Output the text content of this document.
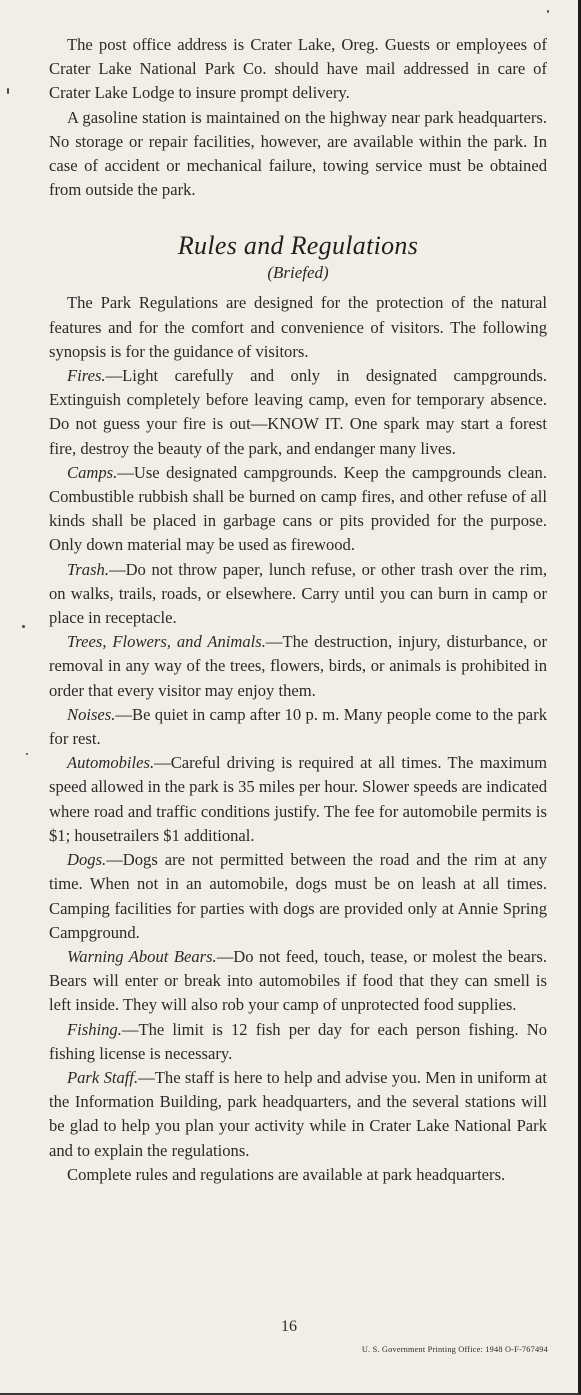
The post office address is Crater Lake, Oreg. Guests or employees of Crater Lake National Park Co. should have mail addressed in care of Crater Lake Lodge to insure prompt delivery.

A gasoline station is maintained on the highway near park headquarters. No storage or repair facilities, however, are available within the park. In case of accident or mechanical failure, towing service must be obtained from outside the park.

Rules and Regulations
(Briefed)

The Park Regulations are designed for the protection of the natural features and for the comfort and convenience of visitors. The following synopsis is for the guidance of visitors.

Fires.—Light carefully and only in designated campgrounds. Extinguish completely before leaving camp, even for temporary absence. Do not guess your fire is out—KNOW IT. One spark may start a forest fire, destroy the beauty of the park, and endanger many lives.

Camps.—Use designated campgrounds. Keep the campgrounds clean. Combustible rubbish shall be burned on camp fires, and other refuse of all kinds shall be placed in garbage cans or pits provided for the purpose. Only down material may be used as firewood.

Trash.—Do not throw paper, lunch refuse, or other trash over the rim, on walks, trails, roads, or elsewhere. Carry until you can burn in camp or place in receptacle.

Trees, Flowers, and Animals.—The destruction, injury, disturbance, or removal in any way of the trees, flowers, birds, or animals is prohibited in order that every visitor may enjoy them.

Noises.—Be quiet in camp after 10 p. m. Many people come to the park for rest.

Automobiles.—Careful driving is required at all times. The maximum speed allowed in the park is 35 miles per hour. Slower speeds are indicated where road and traffic conditions justify. The fee for automobile permits is $1; housetrailers $1 additional.

Dogs.—Dogs are not permitted between the road and the rim at any time. When not in an automobile, dogs must be on leash at all times. Camping facilities for parties with dogs are provided only at Annie Spring Campground.

Warning About Bears.—Do not feed, touch, tease, or molest the bears. Bears will enter or break into automobiles if food that they can smell is left inside. They will also rob your camp of unprotected food supplies.

Fishing.—The limit is 12 fish per day for each person fishing. No fishing license is necessary.

Park Staff.—The staff is here to help and advise you. Men in uniform at the Information Building, park headquarters, and the several stations will be glad to help you plan your activity while in Crater Lake National Park and to explain the regulations.

Complete rules and regulations are available at park headquarters.

16
U. S. Government Printing Office: 1948 O-F-767494
